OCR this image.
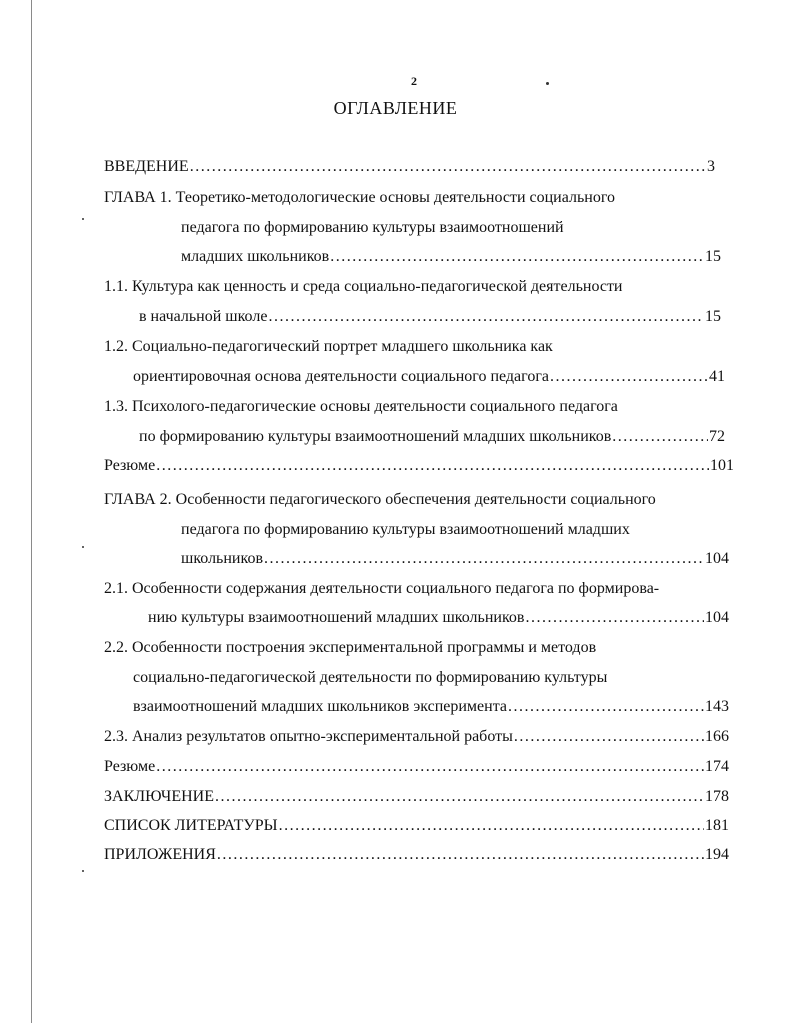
2
ОГЛАВЛЕНИЕ
ВВЕДЕНИЕ .....	3
ГЛАВА 1. Теоретико-методологические основы деятельности социального
педагога по формированию культуры взаимоотношений
младших школьников .....	15
1.1. Культура как ценность и среда социально-педагогической деятельности
в начальной школе .....	15
1.2. Социально-педагогический портрет младшего школьника как
ориентировочная основа деятельности социального педагога .....	41
1.3. Психолого-педагогические основы деятельности социального педагога
по формированию культуры взаимоотношений младших школьников .....	72
Резюме .....	101
ГЛАВА 2. Особенности педагогического обеспечения деятельности социального
педагога по формированию культуры взаимоотношений младших
школьников .....	104
2.1. Особенности содержания деятельности социального педагога по формирова-
нию культуры взаимоотношений младших школьников .....	104
2.2. Особенности построения экспериментальной программы и методов
социально-педагогической деятельности по формированию культуры
взаимоотношений младших школьников эксперимента .....	143
2.3. Анализ результатов опытно-экспериментальной работы .....	166
Резюме .....	174
ЗАКЛЮЧЕНИЕ .....	178
СПИСОК ЛИТЕРАТУРЫ .....	181
ПРИЛОЖЕНИЯ .....	194
